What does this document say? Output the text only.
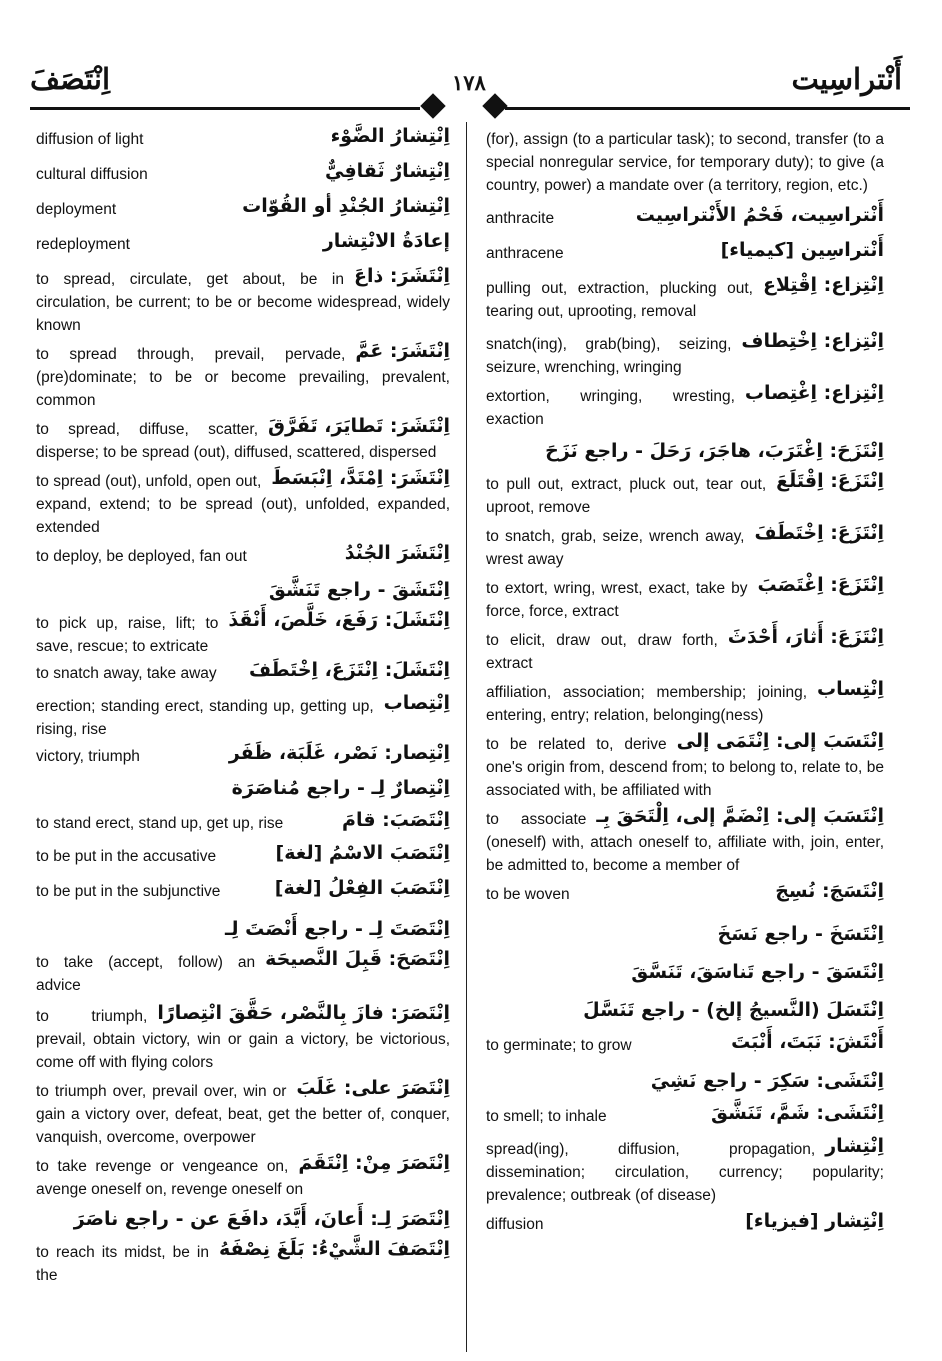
اِنْتَصَفَ	١٧٨	أَنْتراسِيت
اِنْتِشارُ الضَّوْء
diffusion of light
اِنْتِشارٌ ثَقافِيٌّ
cultural diffusion
اِنْتِشارُ الجُنْدِ أو القُوّات
deployment
إعادَةُ الانْتِشار
redeployment
اِنْتَشَرَ: ذاعَ
to spread, circulate, get about, be in circulation, be current; to be or become widespread, widely known
اِنْتَشَرَ: عَمَّ
to spread through, prevail, pervade, (pre)dominate; to be or become prevailing, prevalent, common
اِنْتَشَرَ: تَطايَرَ، تَفَرَّقَ
to spread, diffuse, scatter, disperse; to be spread (out), diffused, scattered, dispersed
اِنْتَشَرَ: اِمْتَدَّ، اِنْبَسَطَ
to spread (out), unfold, open out, expand, extend; to be spread (out), unfolded, expanded, extended
اِنْتَشَرَ الجُنْدُ
to deploy, be deployed, fan out
اِنْتَشَقَ - راجع تَنَشَّقَ
اِنْتَشَلَ: رَفَعَ، خَلَّصَ، أَنْقَذَ
to pick up, raise, lift; to save, rescue; to extricate
اِنْتَشَلَ: اِنْتَزَعَ، اِخْتَطَفَ
to snatch away, take away
اِنْتِصاب
erection; standing erect, standing up, getting up, rising, rise
اِنْتِصار: نَصْر، غَلَبَة، ظَفَر
victory, triumph
اِنْتِصارٌ لِـ - راجع مُناصَرَة
اِنْتَصَبَ: قامَ
to stand erect, stand up, get up, rise
اِنْتَصَبَ الاسْمُ [لغة]
to be put in the accusative
اِنْتَصَبَ الفِعْلُ [لغة]
to be put in the subjunctive
اِنْتَصَتَ لِـ - راجع أَنْصَتَ لِـ
اِنْتَصَحَ: قَبِلَ النَّصيحَة
to take (accept, follow) an advice
اِنْتَصَرَ: فازَ بِالنَّصْر، حَقَّقَ انْتِصارًا
to triumph, prevail, obtain victory, win or gain a victory, be victorious, come off with flying colors
اِنْتَصَرَ على: غَلَبَ
to triumph over, prevail over, win or gain a victory over, defeat, beat, get the better of, conquer, vanquish, overcome, overpower
اِنْتَصَرَ مِنْ: اِنْتَقَمَ
to take revenge or vengeance on, avenge oneself on, revenge oneself on
اِنْتَصَرَ لِـ: أَعانَ، أَيَّدَ، دافَعَ عن - راجع ناصَرَ
اِنْتَصَفَ الشَّيْءُ: بَلَغَ نِصْفَهُ
to reach its midst, be in the
(for), assign (to a particular task); to second, transfer (to a special nonregular service, for temporary duty); to give (a country, power) a mandate over (a territory, region, etc.)
أَنْتراسِيت، فَحْمُ الأَنْتراسِيت
anthracite
أَنْتراسِين [كيمياء]
anthracene
اِنْتِزاع: اِقْتِلاع
pulling out, extraction, plucking out, tearing out, uprooting, removal
اِنْتِزاع: اِخْتِطاف
snatch(ing), grab(bing), seizing, seizure, wrenching, wringing
اِنْتِزاع: اِغْتِصاب
extortion, wringing, wresting, exaction
اِنْتَزَحَ: اِغْتَرَبَ، هاجَرَ، رَحَلَ - راجع نَزَحَ
اِنْتَزَعَ: اِقْتَلَعَ
to pull out, extract, pluck out, tear out, uproot, remove
اِنْتَزَعَ: اِخْتَطَفَ
to snatch, grab, seize, wrench away, wrest away
اِنْتَزَعَ: اِغْتَصَبَ
to extort, wring, wrest, exact, take by force, force, extract
اِنْتَزَعَ: أَثارَ، أَحْدَثَ
to elicit, draw out, draw forth, extract
اِنْتِساب
affiliation, association; membership; joining, entering, entry; relation, belonging(ness)
اِنْتَسَبَ إلى: اِنْتَمَى إلى
to be related to, derive one's origin from, descend from; to belong to, relate to, be associated with, be affiliated with
اِنْتَسَبَ إلى: اِنْضَمَّ إلى، اِلْتَحَقَ بِـ
to associate (oneself) with, attach oneself to, affiliate with, join, enter, be admitted to, become a member of
اِنْتَسَجَ: نُسِجَ
to be woven
اِنْتَسَخَ - راجع نَسَخَ
اِنْتَسَقَ - راجع تَناسَقَ، تَنَسَّقَ
اِنْتَسَلَ (النَّسيجُ إلخ) - راجع تَنَسَّلَ
أَنْتَشَ: نَبَتَ، أَنْبَتَ
to germinate; to grow
اِنْتَشَى: سَكِرَ - راجع نَشِيَ
اِنْتَشَى: شَمَّ، تَنَشَّقَ
to smell; to inhale
اِنْتِشار
spread(ing), diffusion, propagation, dissemination; circulation, currency; popularity; prevalence; outbreak (of disease)
اِنْتِشار [فيزياء]
diffusion
